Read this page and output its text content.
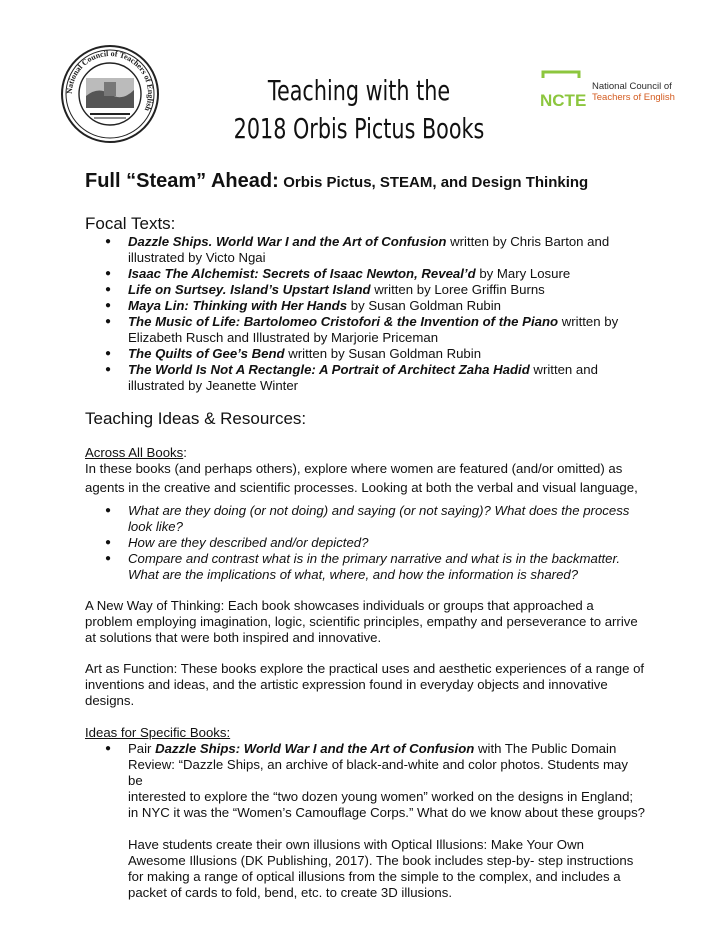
National Council of Teachers of English
Teaching with the
2018 Orbis Pictus Books
NCTE
National Council of
Teachers of English
Full “Steam” Ahead: Orbis Pictus, STEAM, and Design Thinking
Focal Texts:
● Dazzle Ships. World War I and the Art of Confusion written by Chris Barton and
illustrated by Victo Ngai
● Isaac The Alchemist: Secrets of Isaac Newton, Reveal’d by Mary Losure
● Life on Surtsey. Island’s Upstart Island written by Loree Griffin Burns
● Maya Lin: Thinking with Her Hands by Susan Goldman Rubin
● The Music of Life: Bartolomeo Cristofori & the Invention of the Piano written by
Elizabeth Rusch and Illustrated by Marjorie Priceman
● The Quilts of Gee’s Bend written by Susan Goldman Rubin
● The World Is Not A Rectangle: A Portrait of Architect Zaha Hadid written and
illustrated by Jeanette Winter
Teaching Ideas & Resources:

Across All Books:

In these books (and perhaps others), explore where women are featured (and/or omitted) as

agents in the creative and scientific processes. Looking at both the verbal and visual language,

● What are they doing (or not doing) and saying (or not saying)? What does the process
look like?
● How are they described and/or depicted?
● Compare and contrast what is in the primary narrative and what is in the backmatter.
What are the implications of what, where, and how the information is shared?

A New Way of Thinking: Each book showcases individuals or groups that approached a

problem employing imagination, logic, scientific principles, empathy and perseverance to arrive

at solutions that were both inspired and innovative.

Art as Function: These books explore the practical uses and aesthetic experiences of a range of

inventions and ideas, and the artistic expression found in everyday objects and innovative

designs.

Ideas for Specific Books:

● Pair Dazzle Ships: World War I and the Art of Confusion with The Public Domain
Review: “Dazzle Ships, an archive of black-and-white and color photos. Students may be
interested to explore the “two dozen young women” worked on the designs in England;
in NYC it was the “Women’s Camouflage Corps.” What do we know about these groups?
Have students create their own illusions with Optical Illusions: Make Your Own
Awesome Illusions (DK Publishing, 2017). The book includes step-by- step instructions
for making a range of optical illusions from the simple to the complex, and includes a
packet of cards to fold, bend, etc. to create 3D illusions.
